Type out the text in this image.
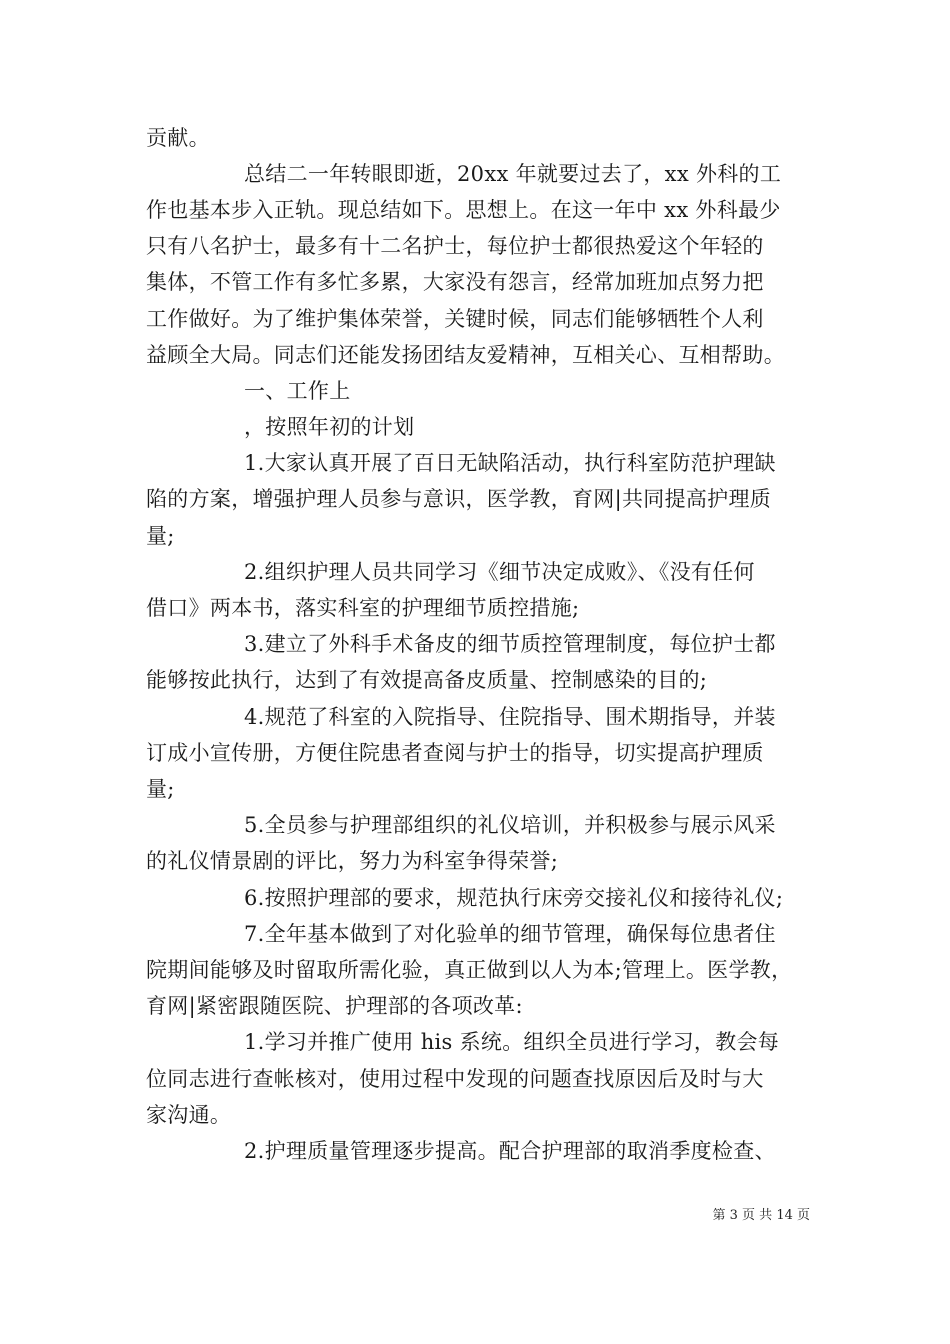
贡献。
总结二一年转眼即逝，20xx 年就要过去了，xx 外科的工
作也基本步入正轨。现总结如下。思想上。在这一年中 xx 外科最少
只有八名护士，最多有十二名护士，每位护士都很热爱这个年轻的
集体，不管工作有多忙多累，大家没有怨言，经常加班加点努力把
工作做好。为了维护集体荣誉，关键时候，同志们能够牺牲个人利
益顾全大局。同志们还能发扬团结友爱精神，互相关心、互相帮助。
一、工作上
，按照年初的计划
1.大家认真开展了百日无缺陷活动，执行科室防范护理缺
陷的方案，增强护理人员参与意识，医学教，育网|共同提高护理质
量;
2.组织护理人员共同学习《细节决定成败》、《没有任何
借口》两本书，落实科室的护理细节质控措施;
3.建立了外科手术备皮的细节质控管理制度，每位护士都
能够按此执行，达到了有效提高备皮质量、控制感染的目的;
4.规范了科室的入院指导、住院指导、围术期指导，并装
订成小宣传册，方便住院患者查阅与护士的指导，切实提高护理质
量;
5.全员参与护理部组织的礼仪培训，并积极参与展示风采
的礼仪情景剧的评比，努力为科室争得荣誉;
6.按照护理部的要求，规范执行床旁交接礼仪和接待礼仪;
7.全年基本做到了对化验单的细节管理，确保每位患者住
院期间能够及时留取所需化验，真正做到以人为本;管理上。医学教，
育网|紧密跟随医院、护理部的各项改革:
1.学习并推广使用 his 系统。组织全员进行学习，教会每
位同志进行查帐核对，使用过程中发现的问题查找原因后及时与大
家沟通。
2.护理质量管理逐步提高。配合护理部的取消季度检查、
第 3 页 共 14 页
